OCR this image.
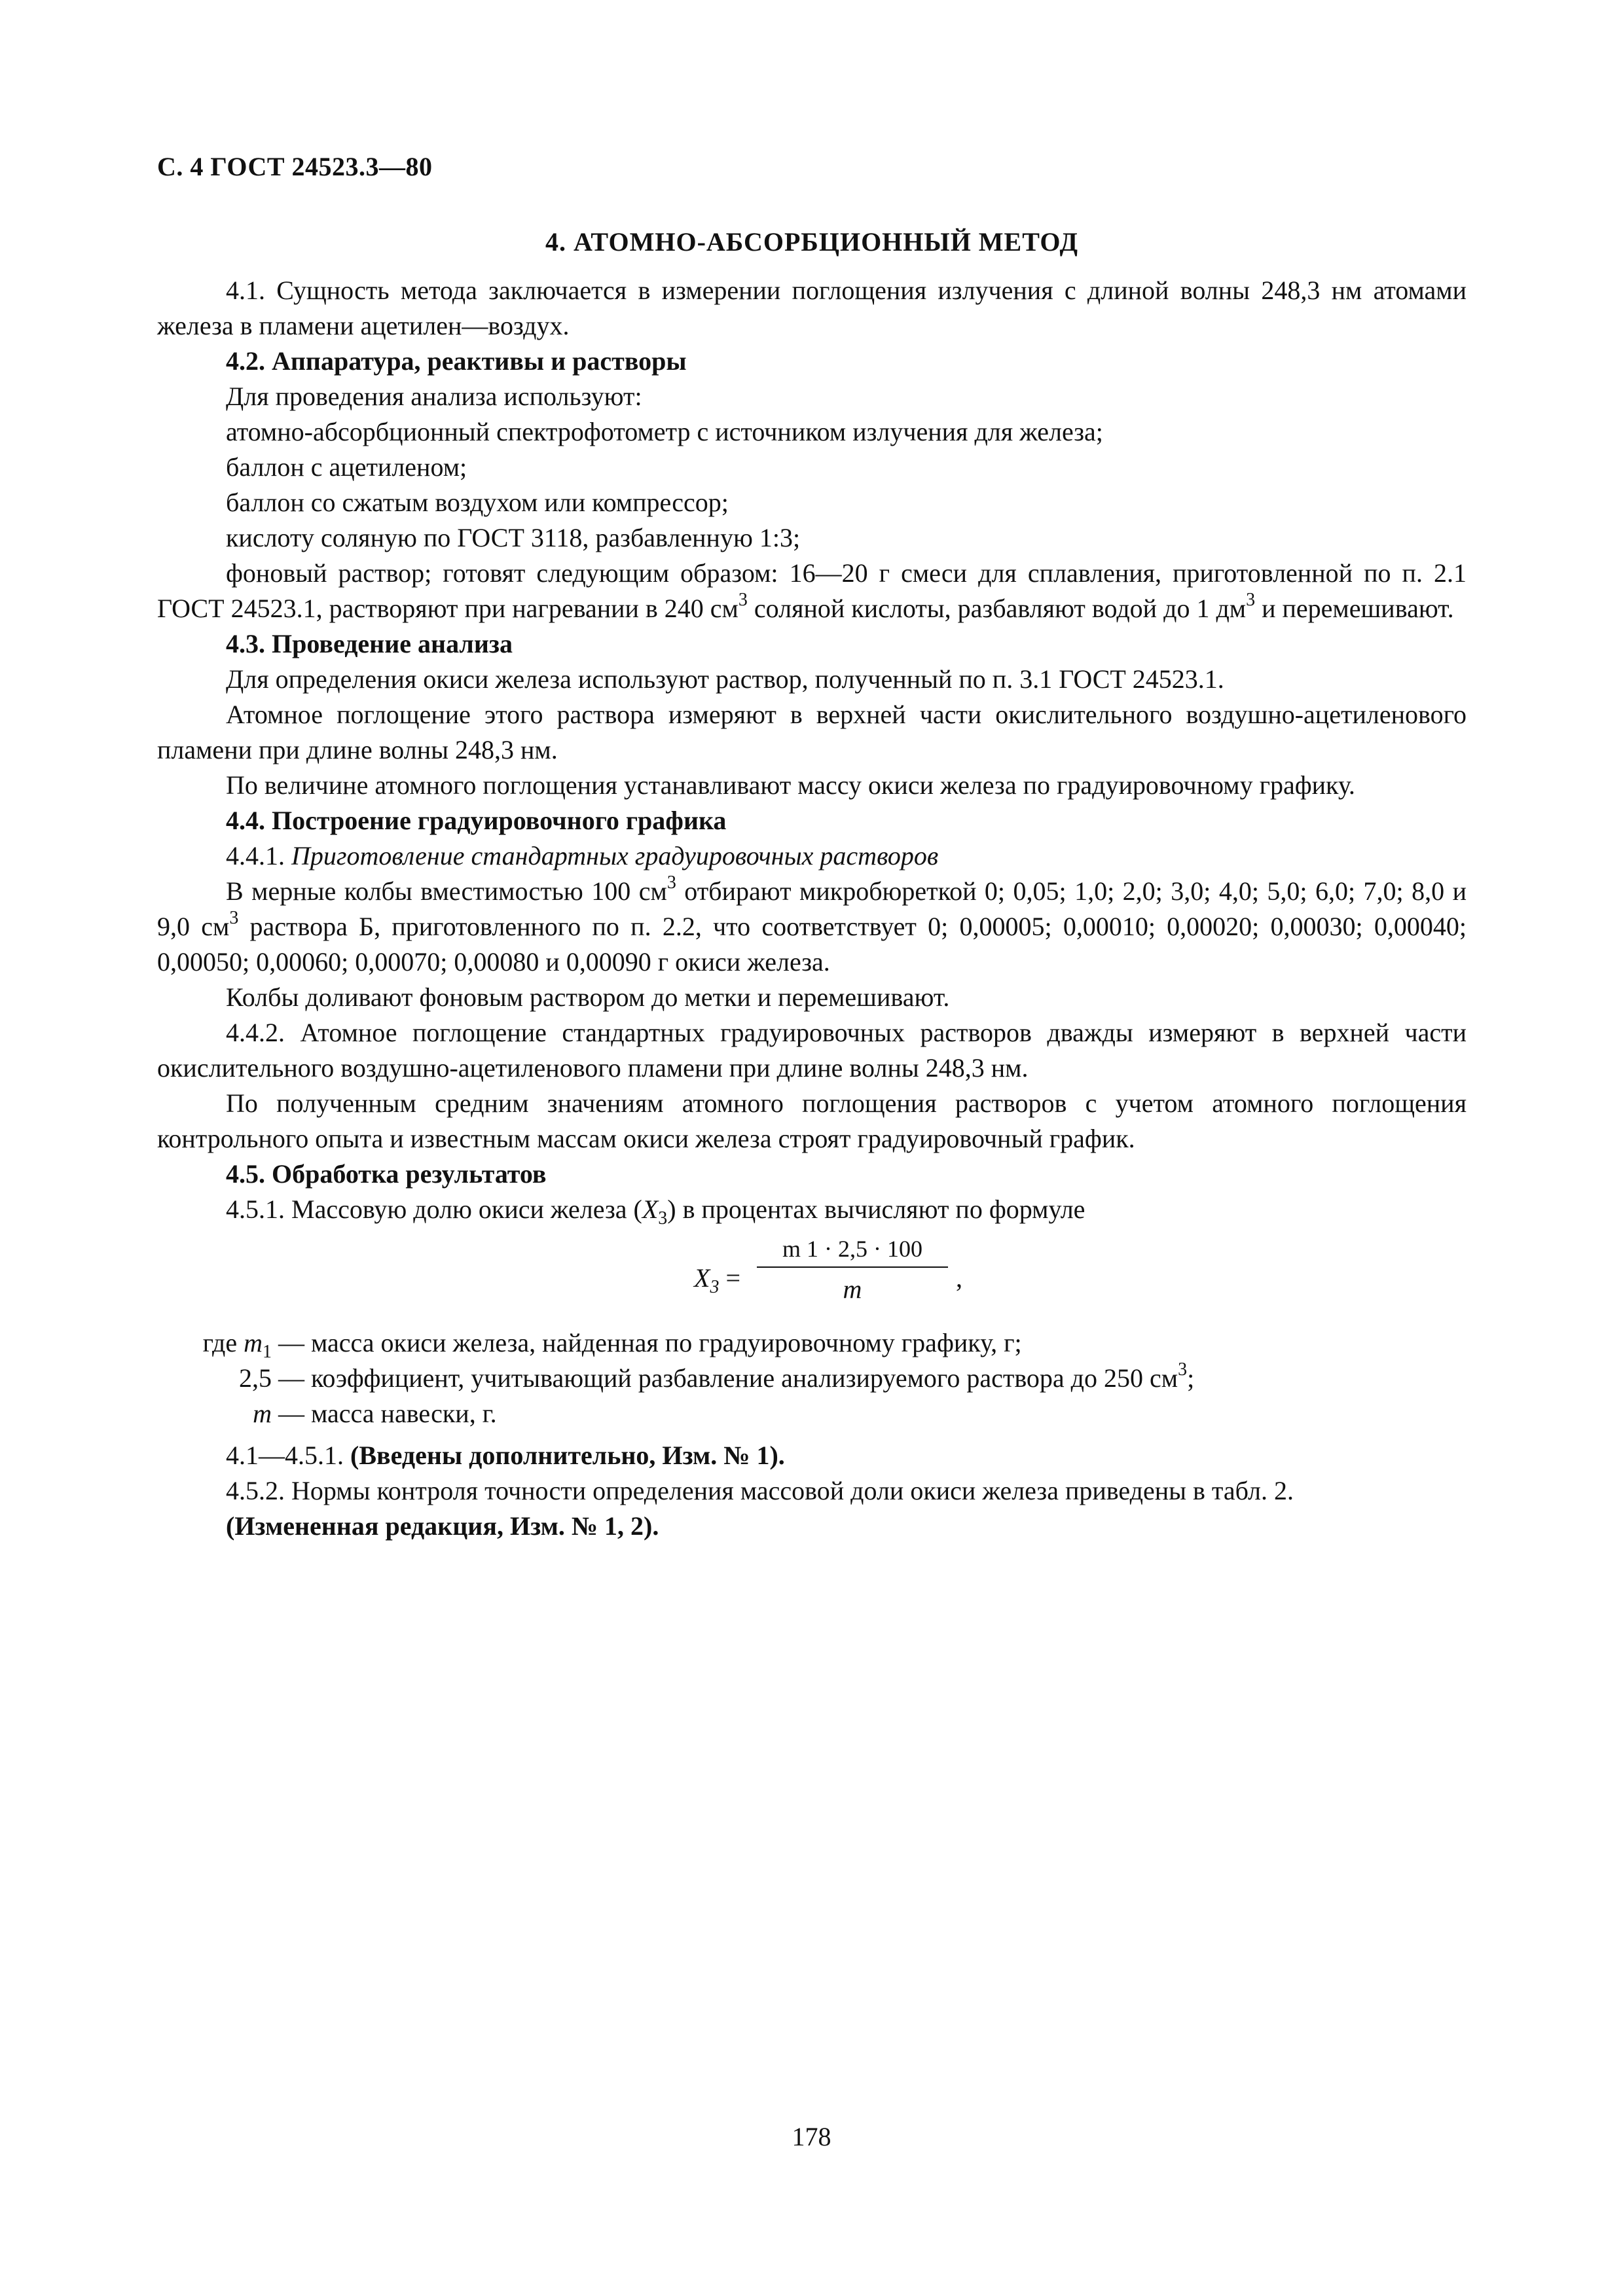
С. 4 ГОСТ 24523.3—80
4. АТОМНО-АБСОРБЦИОННЫЙ МЕТОД

4.1. Сущность метода заключается в измерении поглощения излучения с длиной волны 248,3 нм атомами железа в пламени ацетилен—воздух.

4.2. Аппаратура, реактивы и растворы

Для проведения анализа используют:

атомно-абсорбционный спектрофотометр с источником излучения для железа;

баллон с ацетиленом;

баллон со сжатым воздухом или компрессор;

кислоту соляную по ГОСТ 3118, разбавленную 1:3;

фоновый раствор; готовят следующим образом: 16—20 г смеси для сплавления, приготовленной по п. 2.1 ГОСТ 24523.1, растворяют при нагревании в 240 $см^3$ соляной кислоты, разбавляют водой до 1 $дм^3$ и перемешивают.

4.3. Проведение анализа

Для определения окиси железа используют раствор, полученный по п. 3.1 ГОСТ 24523.1.

Атомное поглощение этого раствора измеряют в верхней части окислительного воздушно-ацетиленового пламени при длине волны 248,3 нм.

По величине атомного поглощения устанавливают массу окиси железа по градуировочному графику.

4.4. Построение градуировочного графика

4.4.1. Приготовление стандартных градуировочных растворов

В мерные колбы вместимостью 100 $см^3$ отбирают микробюреткой 0; 0,05; 1,0; 2,0; 3,0; 4,0; 5,0; 6,0; 7,0; 8,0 и 9,0 $см^3$ раствора Б, приготовленного по п. 2.2, что соответствует 0; 0,00005; 0,00010; 0,00020; 0,00030; 0,00040; 0,00050; 0,00060; 0,00070; 0,00080 и 0,00090 г окиси железа.

Колбы доливают фоновым раствором до метки и перемешивают.

4.4.2. Атомное поглощение стандартных градуировочных растворов дважды измеряют в верхней части окислительного воздушно-ацетиленового пламени при длине волны 248,3 нм.

По полученным средним значениям атомного поглощения растворов с учетом атомного поглощения контрольного опыта и известным массам окиси железа строят градуировочный график.

4.5. Обработка результатов

4.5.1. Массовую долю окиси железа $(X_3)$ в процентах вычисляют по формуле

$X_3$ =
m 1 · 2,5 · 100
m	,
где $m_1$ — масса окиси железа, найденная по градуировочному графику, г;
2,5 — коэффициент, учитывающий разбавление анализируемого раствора до 250 $см^3$;
m — масса навески, г.

4.1—4.5.1. (Введены дополнительно, Изм. № 1).

4.5.2. Нормы контроля точности определения массовой доли окиси железа приведены в табл. 2.

(Измененная редакция, Изм. № 1, 2).

178
